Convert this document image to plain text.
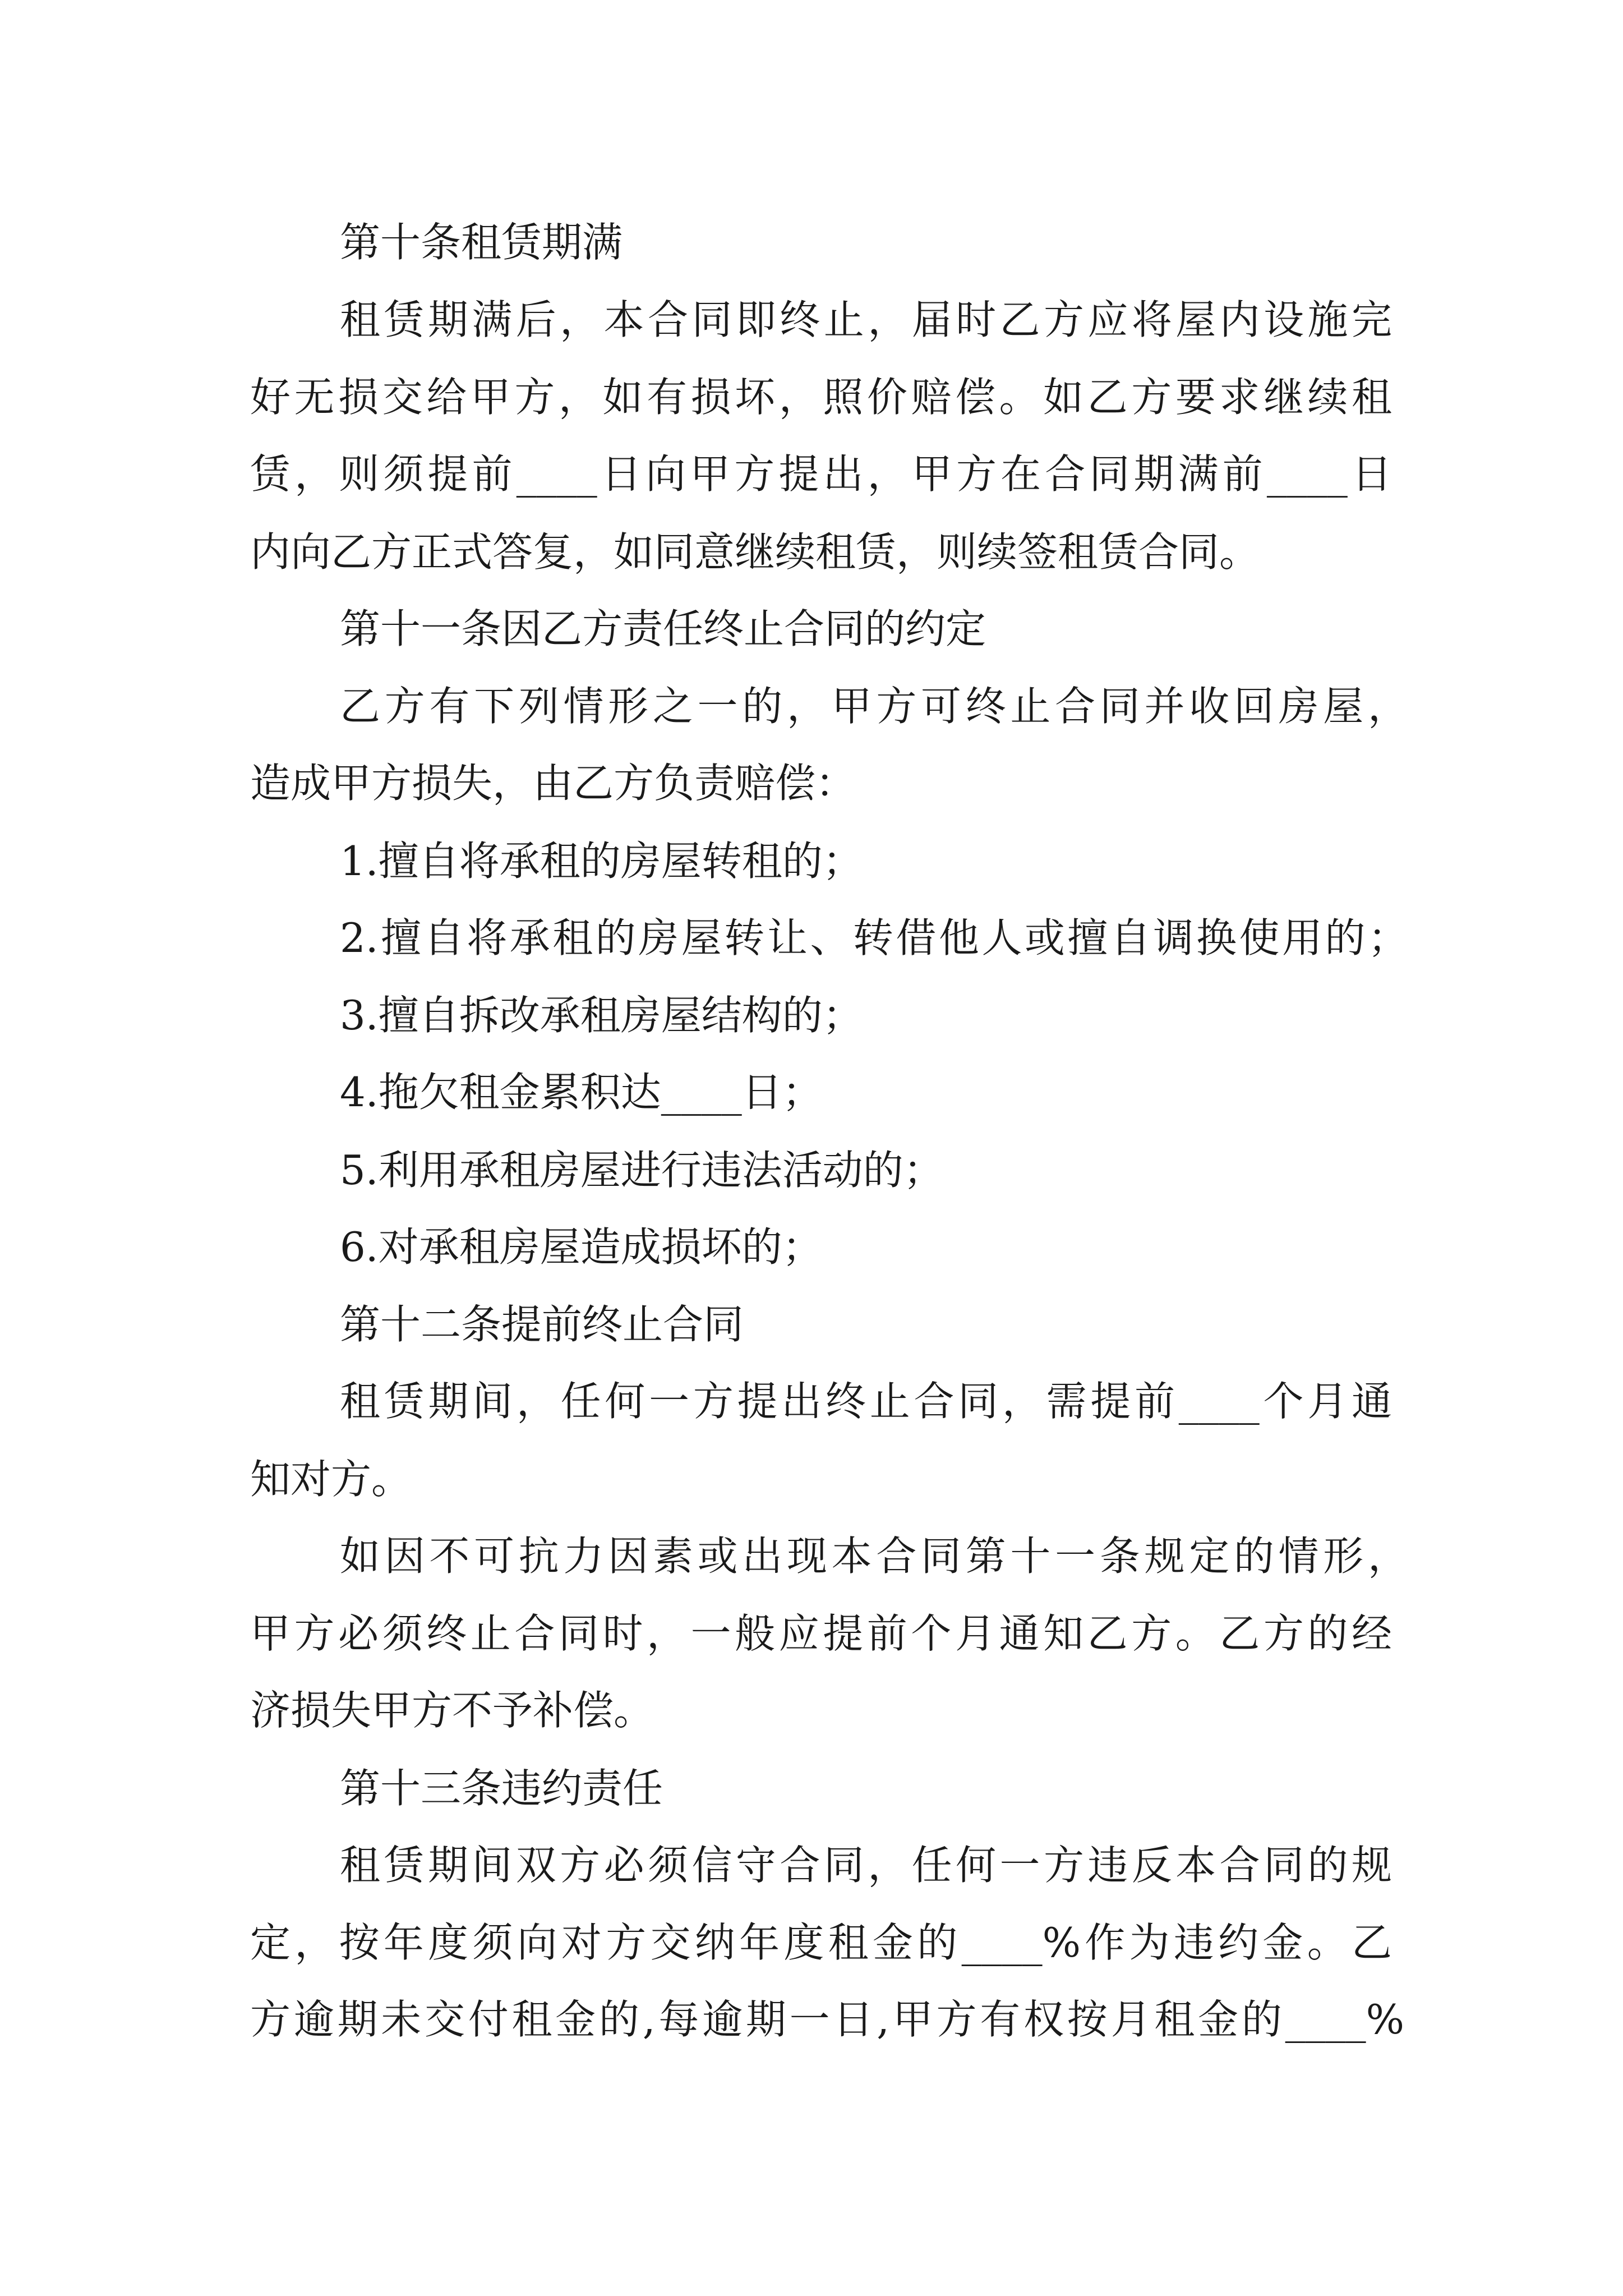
第十条租赁期满
租赁期满后，本合同即终止，届时乙方应将屋内设施完
好无损交给甲方，如有损坏，照价赔偿。如乙方要求继续租
赁，则须提前____日向甲方提出，甲方在合同期满前____日
内向乙方正式答复，如同意继续租赁，则续签租赁合同。
第十一条因乙方责任终止合同的约定
乙方有下列情形之一的，甲方可终止合同并收回房屋，
造成甲方损失，由乙方负责赔偿：
1.擅自将承租的房屋转租的；
2.擅自将承租的房屋转让、转借他人或擅自调换使用的；
3.擅自拆改承租房屋结构的；
4.拖欠租金累积达____日；
5.利用承租房屋进行违法活动的；
6.对承租房屋造成损坏的；
第十二条提前终止合同
租赁期间，任何一方提出终止合同，需提前____个月通
知对方。
如因不可抗力因素或出现本合同第十一条规定的情形，
甲方必须终止合同时，一般应提前个月通知乙方。乙方的经
济损失甲方不予补偿。
第十三条违约责任
租赁期间双方必须信守合同，任何一方违反本合同的规
定，按年度须向对方交纳年度租金的____%作为违约金。乙
方逾期未交付租金的,每逾期一日,甲方有权按月租金的____%
